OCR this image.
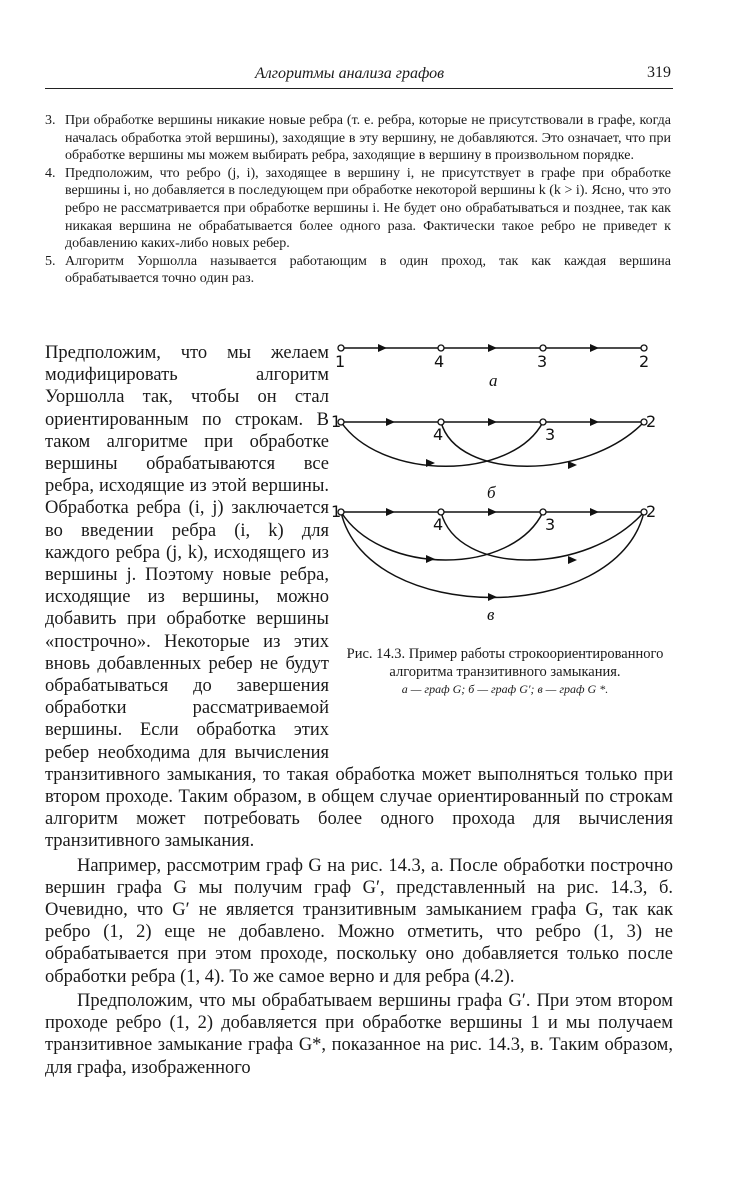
Алгоритмы анализа графов	319
3. При обработке вершины никакие новые ребра (т. е. ребра, которые не присутствовали в графе, когда началась обработка этой вершины), заходящие в эту вершину, не добавляются. Это означает, что при обработке вершины мы можем выбирать ребра, заходящие в вершину в произвольном порядке.
4. Предположим, что ребро (j, i), заходящее в вершину i, не присутствует в графе при обработке вершины i, но добавляется в последующем при обработке некоторой вершины k (k > i). Ясно, что это ребро не рассматривается при обработке вершины i. Не будет оно обрабатываться и позднее, так как никакая вершина не обрабатывается более одного раза. Фактически такое ребро не приведет к добавлению каких-либо новых ребер.
5. Алгоритм Уоршолла называется работающим в один проход, так как каждая вершина обрабатывается точно один раз.

1	4	3	2
а
1
4	3
2
б
1
4	3
2
в
Рис. 14.3. Пример работы строкоориентированного алгоритма транзитивного замыкания.
а — граф G; б — граф G′; в — граф G *.
Предположим, что мы желаем модифицировать алгоритм Уоршолла так, чтобы он стал ориентированным по строкам. В таком алгоритме при обработке вершины обрабатываются все ребра, исходящие из этой вершины. Обработка ребра (i, j) заключается во введении ребра (i, k) для каждого ребра (j, k), исходящего из вершины j. Поэтому новые ребра, исходящие из вершины, можно добавить при обработке вершины «построчно». Некоторые из этих вновь добавленных ребер не будут обрабатываться до завершения обработки рассматриваемой вершины. Если обработка этих ребер необходима для вычисления транзитивного замыкания, то такая обработка может выполняться только при втором проходе. Таким образом, в общем случае ориентированный по строкам алгоритм может потребовать более одного прохода для вычисления транзитивного замыкания.

Например, рассмотрим граф G на рис. 14.3, а. После обработки построчно вершин графа G мы получим граф G′, представленный на рис. 14.3, б. Очевидно, что G′ не является транзитивным замыканием графа G, так как ребро (1, 2) еще не добавлено. Можно отметить, что ребро (1, 3) не обрабатывается при этом проходе, поскольку оно добавляется только после обработки ребра (1, 4). То же самое верно и для ребра (4.2).

Предположим, что мы обрабатываем вершины графа G′. При этом втором проходе ребро (1, 2) добавляется при обработке вершины 1 и мы получаем транзитивное замыкание графа G*, показанное на рис. 14.3, в. Таким образом, для графа, изображенного
